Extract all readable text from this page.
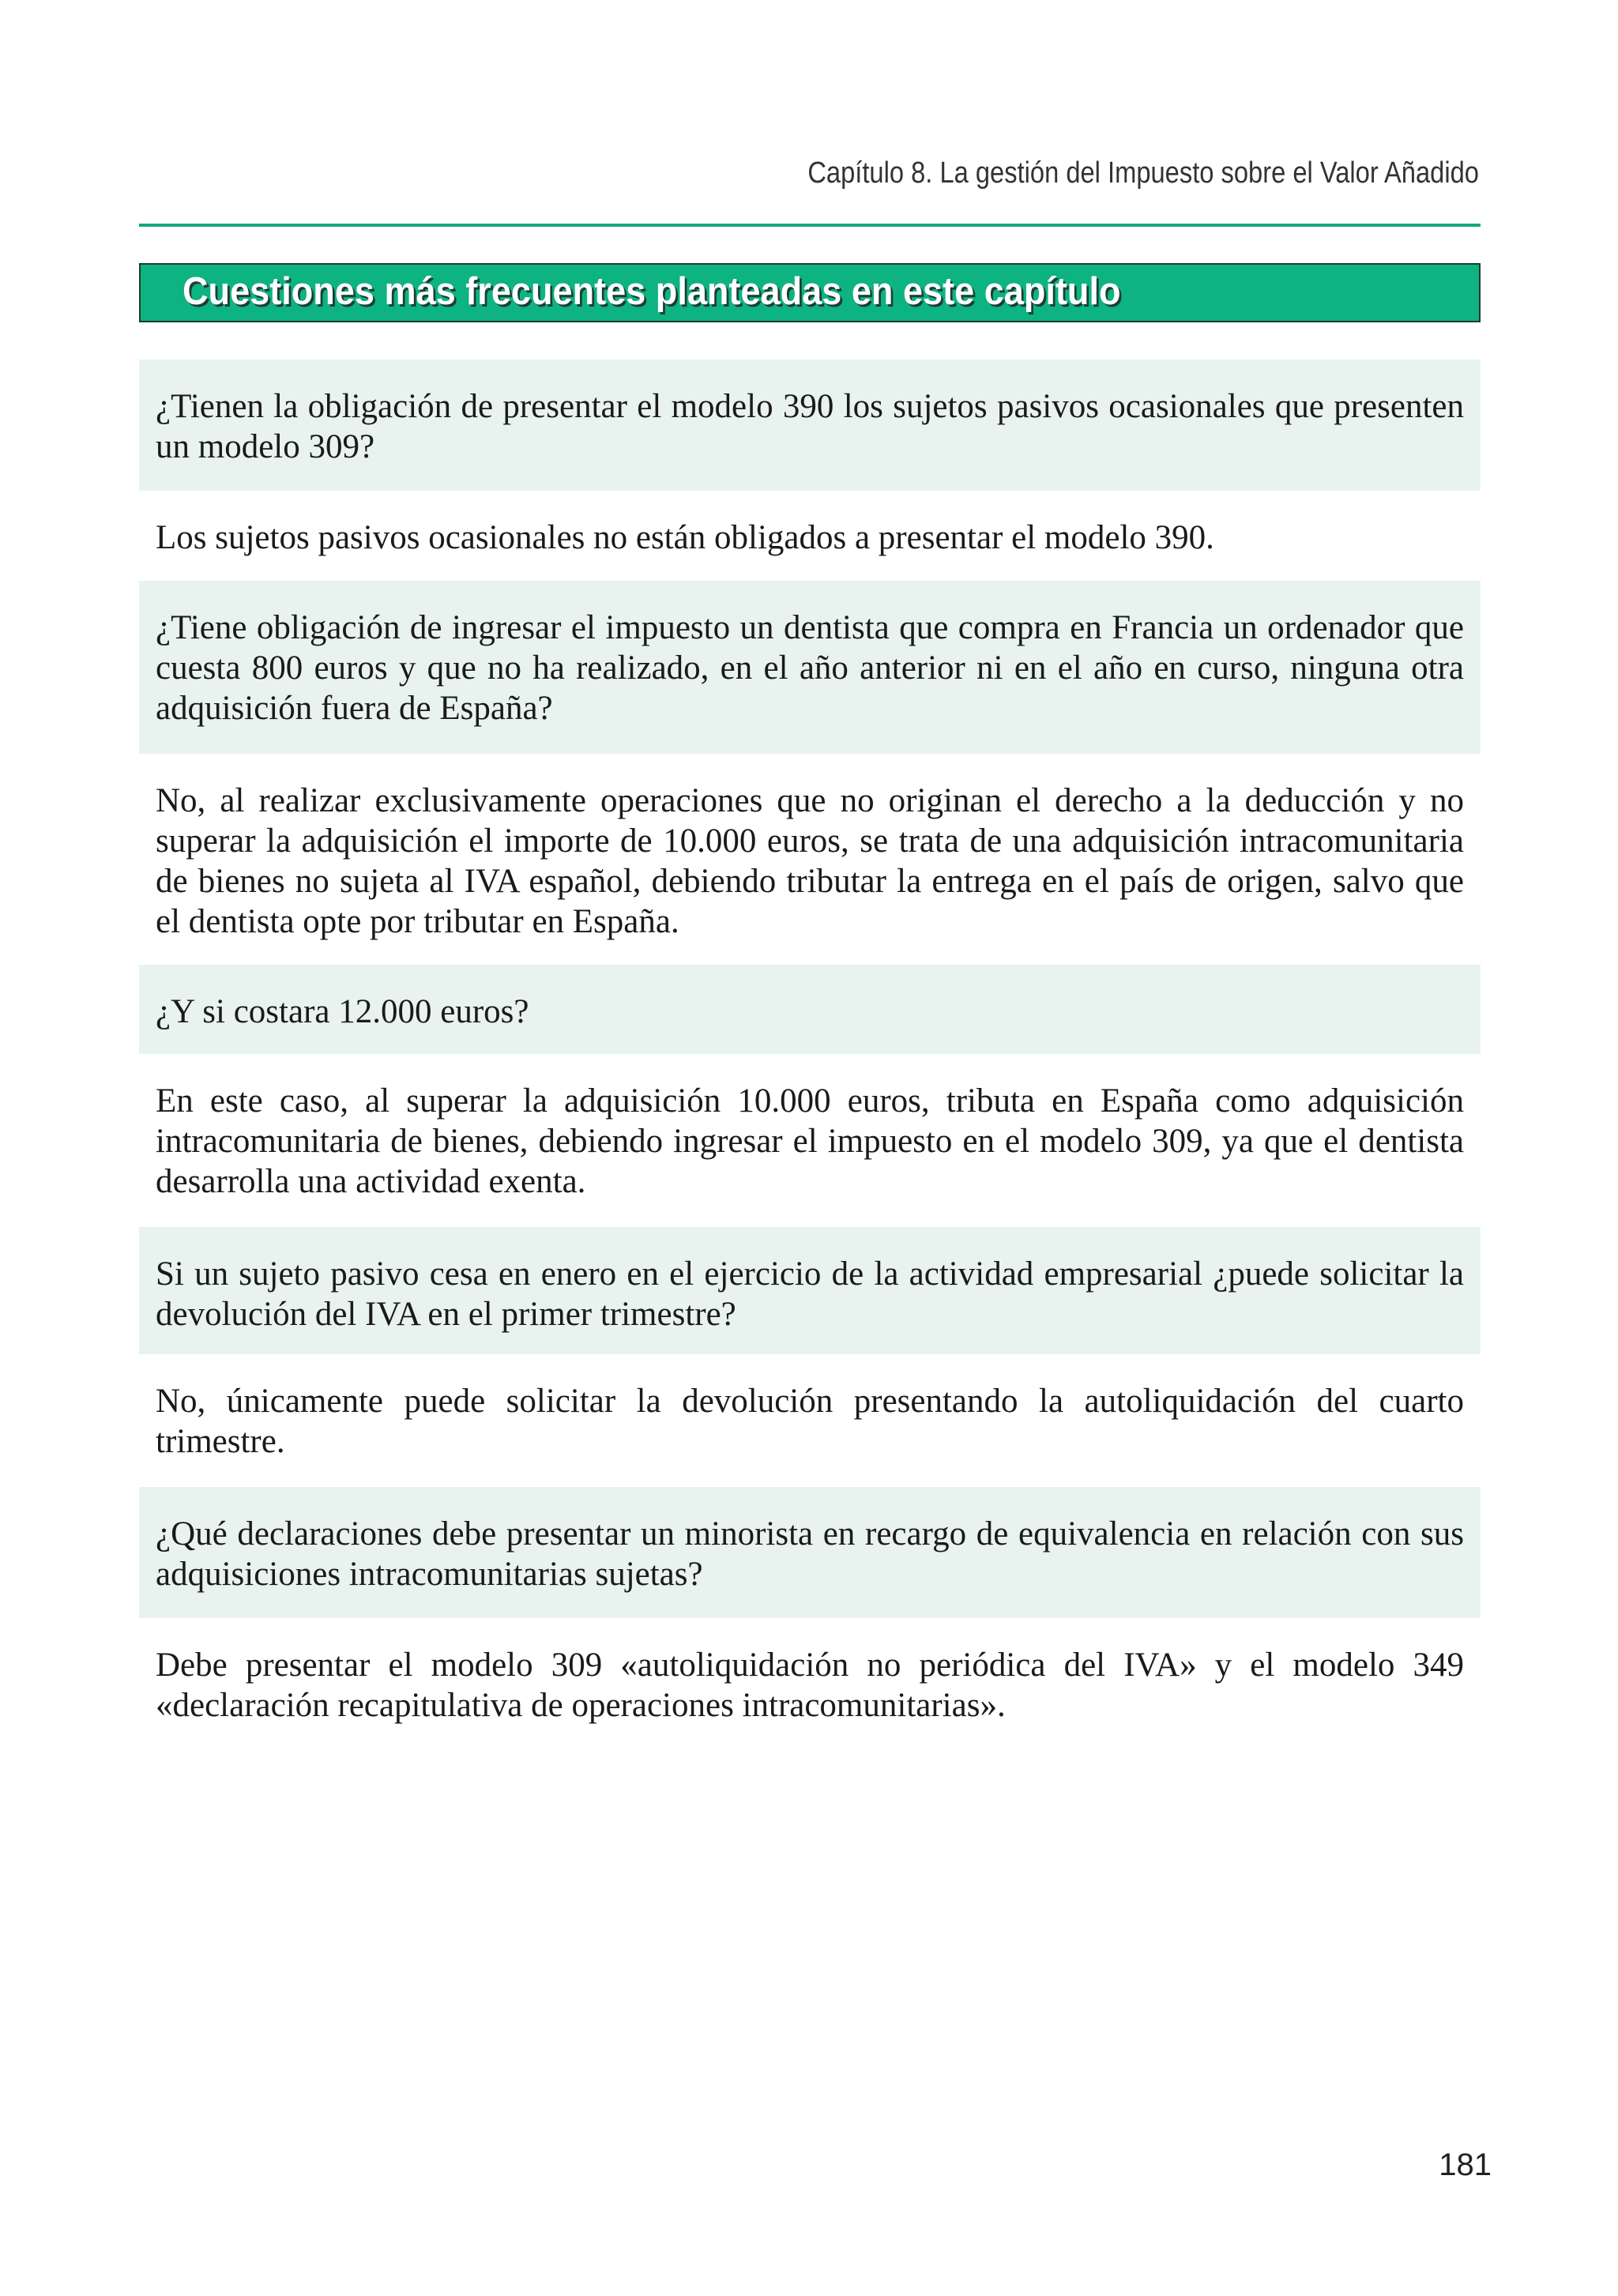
Capítulo 8. La gestión del Impuesto sobre el Valor Añadido
Cuestiones más frecuentes planteadas en este capítulo
¿Tienen la obligación de presentar el modelo 390 los sujetos pasivos ocasionales que presenten un modelo 309?
Los sujetos pasivos ocasionales no están obligados a presentar el modelo 390.
¿Tiene obligación de ingresar el impuesto un dentista que compra en Francia un ordenador que cuesta 800 euros y que no ha realizado, en el año anterior ni en el año en curso, ninguna otra adquisición fuera de España?
No, al realizar exclusivamente operaciones que no originan el derecho a la deducción y no superar la adquisición el importe de 10.000 euros, se trata de una adquisición intracomunitaria de bienes no sujeta al IVA español, debiendo tributar la entrega en el país de origen, salvo que el dentista opte por tributar en España.
¿Y si costara 12.000 euros?
En este caso, al superar la adquisición 10.000 euros, tributa en España como adquisición intracomunitaria de bienes, debiendo ingresar el impuesto en el modelo 309, ya que el dentista desarrolla una actividad exenta.
Si un sujeto pasivo cesa en enero en el ejercicio de la actividad empresarial ¿puede solicitar la devolución del IVA en el primer trimestre?
No, únicamente puede solicitar la devolución presentando la autoliquidación del cuarto trimestre.
¿Qué declaraciones debe presentar un minorista en recargo de equivalencia en relación con sus adquisiciones intracomunitarias sujetas?
Debe presentar el modelo 309 «autoliquidación no periódica del IVA» y el modelo 349 «declaración recapitulativa de operaciones intracomunitarias».
181
